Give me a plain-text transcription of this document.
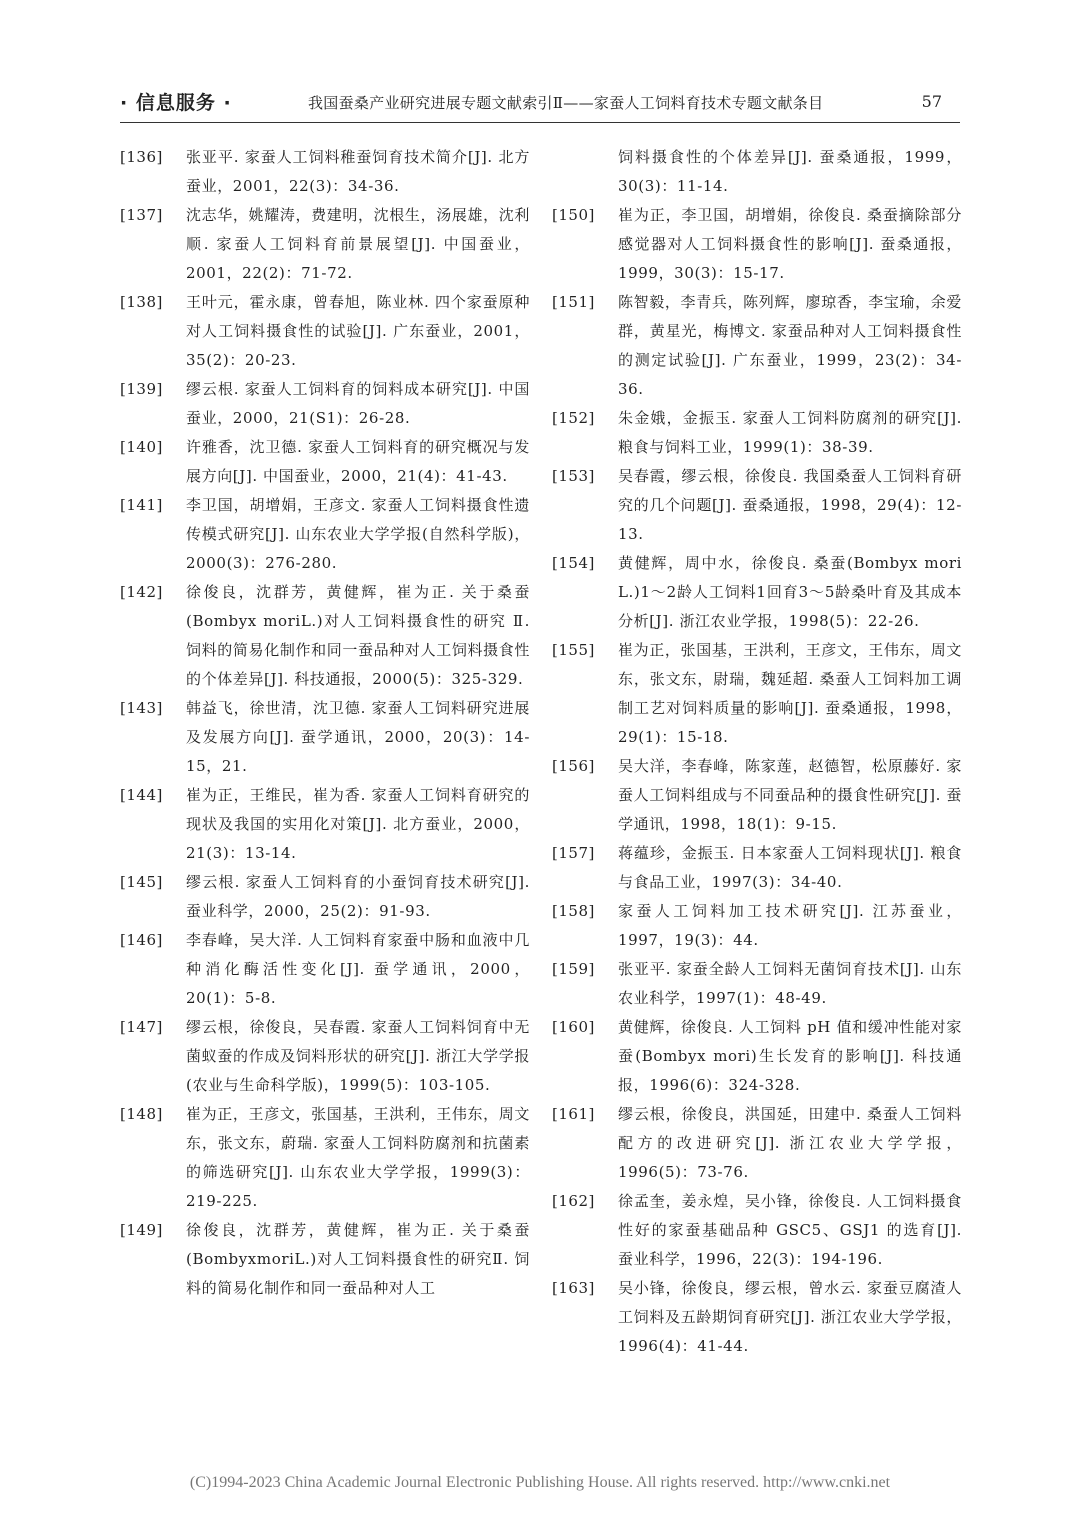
· 信息服务 ·	我国蚕桑产业研究进展专题文献索引Ⅱ——家蚕人工饲料育技术专题文献条目	57
[136]	张亚平. 家蚕人工饲料稚蚕饲育技术简介[J]. 北方蚕业，2001，22(3)：34-36.
[137]	沈志华，姚耀涛，费建明，沈根生，汤展雄，沈利顺. 家蚕人工饲料育前景展望[J]. 中国蚕业，2001，22(2)：71-72.
[138]	王叶元，霍永康，曾春旭，陈业林. 四个家蚕原种对人工饲料摄食性的试验[J]. 广东蚕业，2001，35(2)：20-23.
[139]	缪云根. 家蚕人工饲料育的饲料成本研究[J]. 中国蚕业，2000，21(S1)：26-28.
[140]	许雅香，沈卫德. 家蚕人工饲料育的研究概况与发展方向[J]. 中国蚕业，2000，21(4)：41-43.
[141]	李卫国，胡增娟，王彦文. 家蚕人工饲料摄食性遗传模式研究[J]. 山东农业大学学报(自然科学版)，2000(3)：276-280.
[142]	徐俊良，沈群芳，黄健辉，崔为正. 关于桑蚕(Bombyx moriL.)对人工饲料摄食性的研究 Ⅱ. 饲料的简易化制作和同一蚕品种对人工饲料摄食性的个体差异[J]. 科技通报，2000(5)：325-329.
[143]	韩益飞，徐世清，沈卫德. 家蚕人工饲料研究进展及发展方向[J]. 蚕学通讯，2000，20(3)：14-15，21.
[144]	崔为正，王维民，崔为香. 家蚕人工饲料育研究的现状及我国的实用化对策[J]. 北方蚕业，2000，21(3)：13-14.
[145]	缪云根. 家蚕人工饲料育的小蚕饲育技术研究[J]. 蚕业科学，2000，25(2)：91-93.
[146]	李春峰，吴大洋. 人工饲料育家蚕中肠和血液中几种消化酶活性变化[J]. 蚕学通讯，2000，20(1)：5-8.
[147]	缪云根，徐俊良，吴春霞. 家蚕人工饲料饲育中无菌蚁蚕的作成及饲料形状的研究[J]. 浙江大学学报(农业与生命科学版)，1999(5)：103-105.
[148]	崔为正，王彦文，张国基，王洪利，王伟东，周文东，张文东，蔚瑞. 家蚕人工饲料防腐剂和抗菌素的筛选研究[J]. 山东农业大学学报，1999(3)：219-225.
[149]	徐俊良，沈群芳，黄健辉，崔为正. 关于桑蚕(BombyxmoriL.)对人工饲料摄食性的研究Ⅱ. 饲料的简易化制作和同一蚕品种对人工
饲料摄食性的个体差异[J]. 蚕桑通报，1999，30(3)：11-14.
[150]	崔为正，李卫国，胡增娟，徐俊良. 桑蚕摘除部分感觉器对人工饲料摄食性的影响[J]. 蚕桑通报，1999，30(3)：15-17.
[151]	陈智毅，李青兵，陈列辉，廖琼香，李宝瑜，余爱群，黄星光，梅博文. 家蚕品种对人工饲料摄食性的测定试验[J]. 广东蚕业，1999，23(2)：34-36.
[152]	朱金娥，金振玉. 家蚕人工饲料防腐剂的研究[J]. 粮食与饲料工业，1999(1)：38-39.
[153]	吴春霞，缪云根，徐俊良. 我国桑蚕人工饲料育研究的几个问题[J]. 蚕桑通报，1998，29(4)：12-13.
[154]	黄健辉，周中水，徐俊良. 桑蚕(Bombyx mori L.)1～2龄人工饲料1回育3～5龄桑叶育及其成本分析[J]. 浙江农业学报，1998(5)：22-26.
[155]	崔为正，张国基，王洪利，王彦文，王伟东，周文东，张文东，尉瑞，魏延超. 桑蚕人工饲料加工调制工艺对饲料质量的影响[J]. 蚕桑通报，1998，29(1)：15-18.
[156]	吴大洋，李春峰，陈家莲，赵德智，松原藤好. 家蚕人工饲料组成与不同蚕品种的摄食性研究[J]. 蚕学通讯，1998，18(1)：9-15.
[157]	蒋蕴珍，金振玉. 日本家蚕人工饲料现状[J]. 粮食与食品工业，1997(3)：34-40.
[158]	家蚕人工饲料加工技术研究[J]. 江苏蚕业，1997，19(3)：44.
[159]	张亚平. 家蚕全龄人工饲料无菌饲育技术[J]. 山东农业科学，1997(1)：48-49.
[160]	黄健辉，徐俊良. 人工饲料 pH 值和缓冲性能对家蚕(Bombyx mori)生长发育的影响[J]. 科技通报，1996(6)：324-328.
[161]	缪云根，徐俊良，洪国延，田建中. 桑蚕人工饲料配方的改进研究[J]. 浙江农业大学学报，1996(5)：73-76.
[162]	徐孟奎，姜永煌，吴小锋，徐俊良. 人工饲料摄食性好的家蚕基础品种 GSC5、GSJ1 的选育[J]. 蚕业科学，1996，22(3)：194-196.
[163]	吴小锋，徐俊良，缪云根，曾水云. 家蚕豆腐渣人工饲料及五龄期饲育研究[J]. 浙江农业大学学报，1996(4)：41-44.
(C)1994-2023 China Academic Journal Electronic Publishing House. All rights reserved. http://www.cnki.net
